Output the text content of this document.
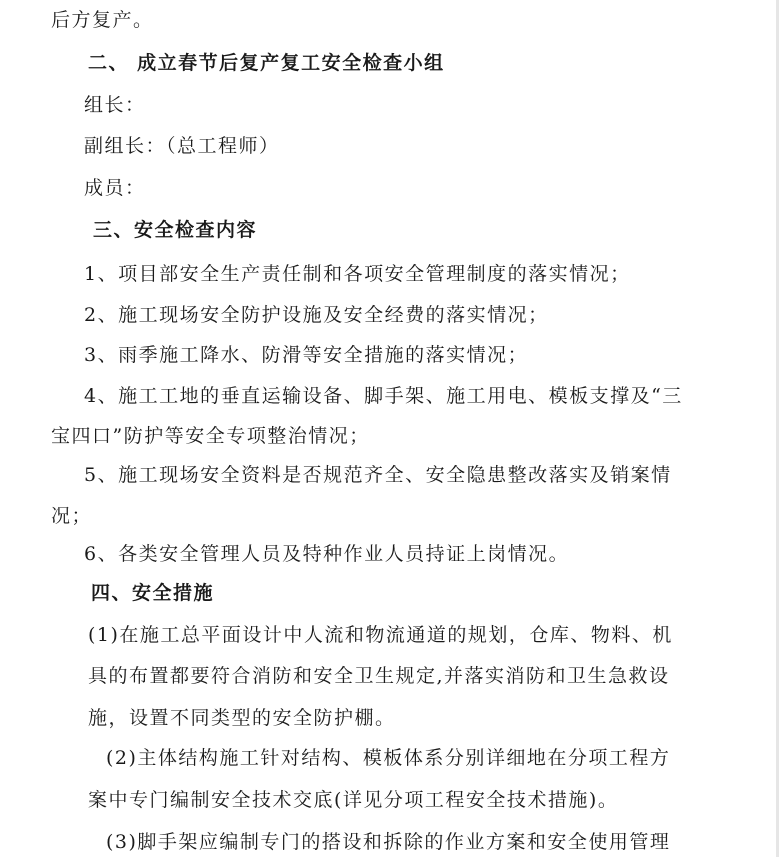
后方复产。
二、 成立春节后复产复工安全检查小组
组长：
副组长：（总工程师）
成员：
三、安全检查内容
1、项目部安全生产责任制和各项安全管理制度的落实情况；
2、施工现场安全防护设施及安全经费的落实情况；
3、雨季施工降水、防滑等安全措施的落实情况；
4、施工工地的垂直运输设备、脚手架、施工用电、模板支撑及“三
宝四口”防护等安全专项整治情况；
5、施工现场安全资料是否规范齐全、安全隐患整改落实及销案情
况；
6、各类安全管理人员及特种作业人员持证上岗情况。
四、安全措施
(1)在施工总平面设计中人流和物流通道的规划，仓库、物料、机
具的布置都要符合消防和安全卫生规定,并落实消防和卫生急救设
施，设置不同类型的安全防护棚。
(2)主体结构施工针对结构、模板体系分别详细地在分项工程方
案中专门编制安全技术交底(详见分项工程安全技术措施)。
(3)脚手架应编制专门的搭设和拆除的作业方案和安全使用管理
